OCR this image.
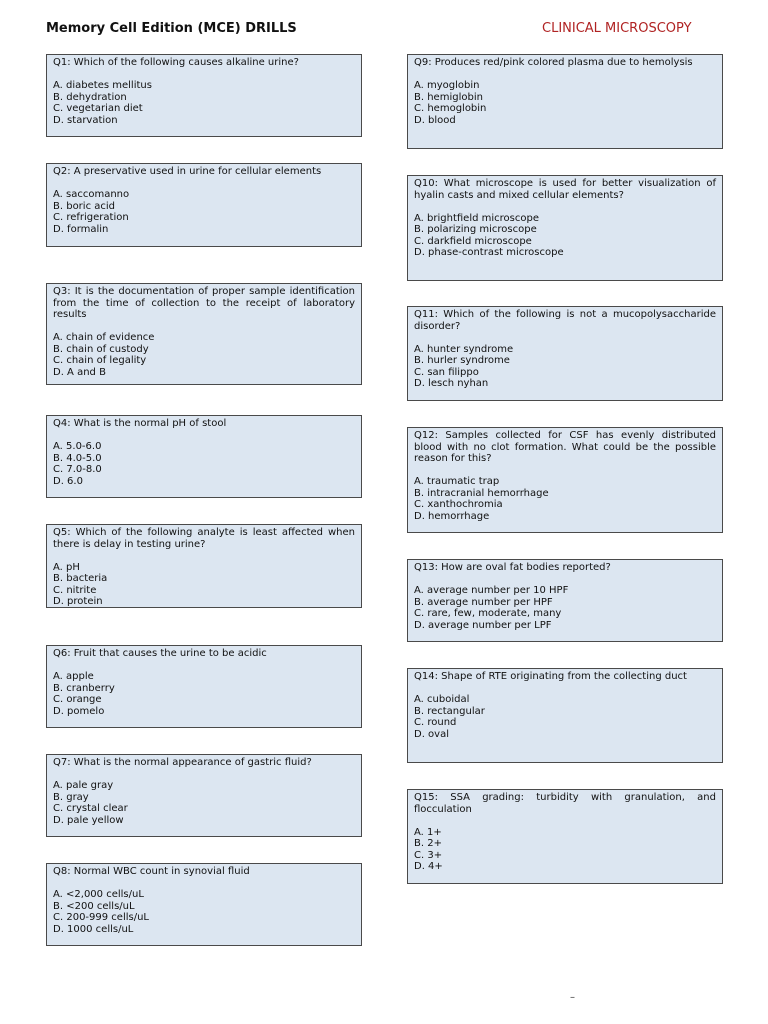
Memory Cell Edition (MCE) DRILLS	CLINICAL MICROSCOPY
Q1: Which of the following causes alkaline urine?
A. diabetes mellitus
B. dehydration
C. vegetarian diet
D. starvation
Q2: A preservative used in urine for cellular elements
A. saccomanno
B. boric acid
C. refrigeration
D. formalin
Q3: It is the documentation of proper sample identification from the time of collection to the receipt of laboratory results
A. chain of evidence
B. chain of custody
C. chain of legality
D. A and B
Q4: What is the normal pH of stool
A. 5.0-6.0
B. 4.0-5.0
C. 7.0-8.0
D. 6.0
Q5: Which of the following analyte is least affected when there is delay in testing urine?
A. pH
B. bacteria
C. nitrite
D. protein
Q6: Fruit that causes the urine to be acidic
A. apple
B. cranberry
C. orange
D. pomelo
Q7: What is the normal appearance of gastric fluid?
A. pale gray
B. gray
C. crystal clear
D. pale yellow
Q8: Normal WBC count in synovial fluid
A. <2,000 cells/uL
B. <200 cells/uL
C. 200-999 cells/uL
D. 1000 cells/uL
Q9: Produces red/pink colored plasma due to hemolysis
A. myoglobin
B. hemiglobin
C. hemoglobin
D. blood
Q10: What microscope is used for better visualization of hyalin casts and mixed cellular elements?
A. brightfield microscope
B. polarizing microscope
C. darkfield microscope
D. phase-contrast microscope
Q11: Which of the following is not a mucopolysaccharide disorder?
A. hunter syndrome
B. hurler syndrome
C. san filippo
D. lesch nyhan
Q12: Samples collected for CSF has evenly distributed blood with no clot formation. What could be the possible reason for this?
A. traumatic trap
B. intracranial hemorrhage
C. xanthochromia
D. hemorrhage
Q13: How are oval fat bodies reported?
A. average number per 10 HPF
B. average number per HPF
C. rare, few, moderate, many
D. average number per LPF
Q14: Shape of RTE originating from the collecting duct
A. cuboidal
B. rectangular
C. round
D. oval
Q15: SSA grading: turbidity with granulation, and flocculation
A. 1+
B. 2+
C. 3+
D. 4+
–
